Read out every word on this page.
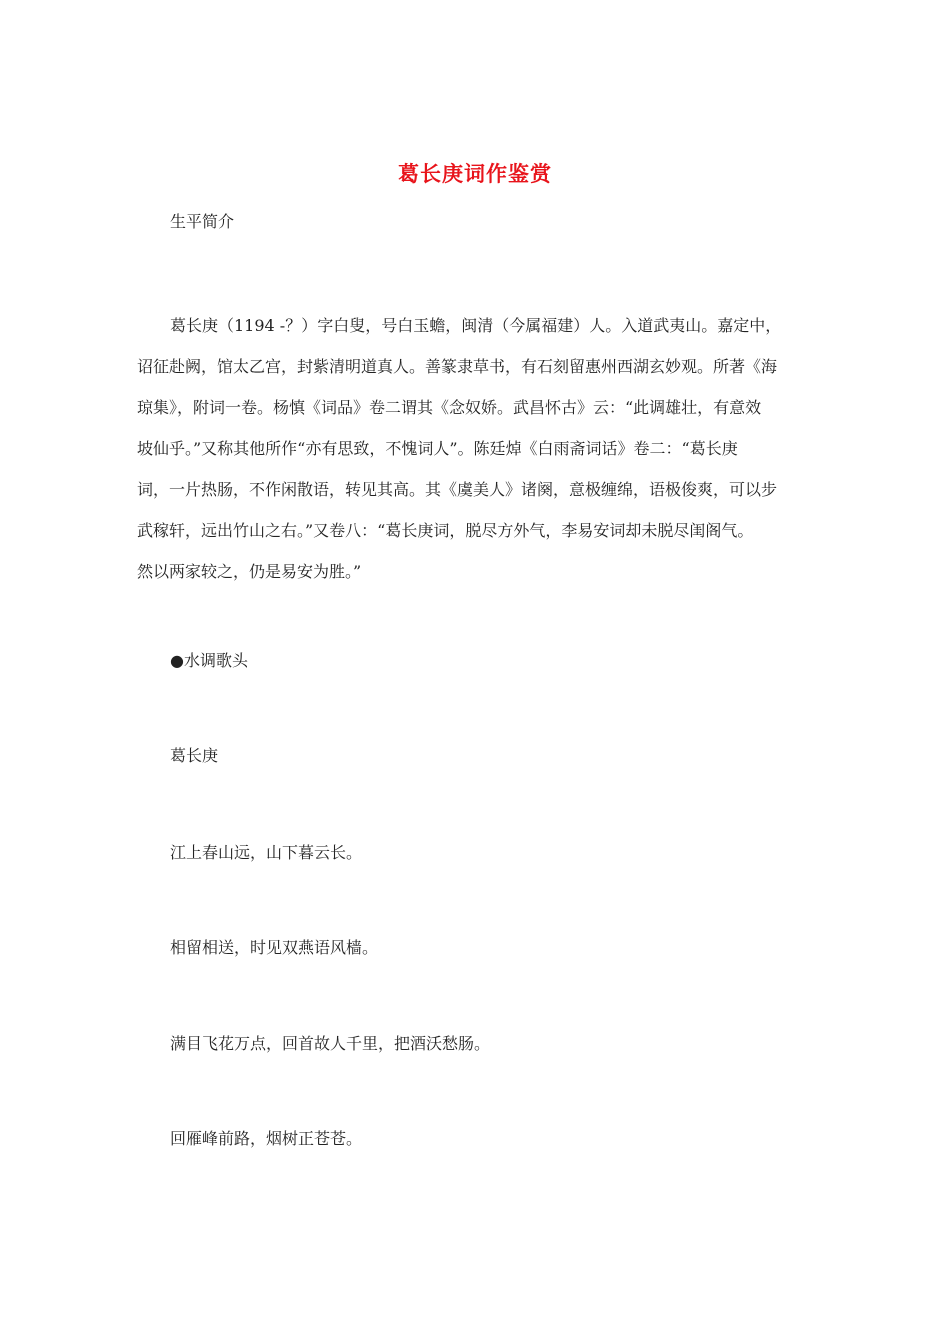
葛长庚词作鉴赏
生平简介
葛长庚（1194 -？）字白叟，号白玉蟾，闽清（今属福建）人。入道武夷山。嘉定中，
诏征赴阙，馆太乙宫，封紫清明道真人。善篆隶草书，有石刻留惠州西湖玄妙观。所著《海
琼集》，附词一卷。杨慎《词品》卷二谓其《念奴娇。武昌怀古》云：“此调雄壮，有意效
坡仙乎。”又称其他所作“亦有思致，不愧词人”。陈廷焯《白雨斋词话》卷二：“葛长庚
词，一片热肠，不作闲散语，转见其高。其《虞美人》诸阕，意极缠绵，语极俊爽，可以步
武稼轩，远出竹山之右。”又卷八：“葛长庚词，脱尽方外气，李易安词却未脱尽闺阁气。
然以两家较之，仍是易安为胜。”
●水调歌头
葛长庚
江上春山远，山下暮云长。
相留相送，时见双燕语风樯。
满目飞花万点，回首故人千里，把酒沃愁肠。
回雁峰前路，烟树正苍苍。
